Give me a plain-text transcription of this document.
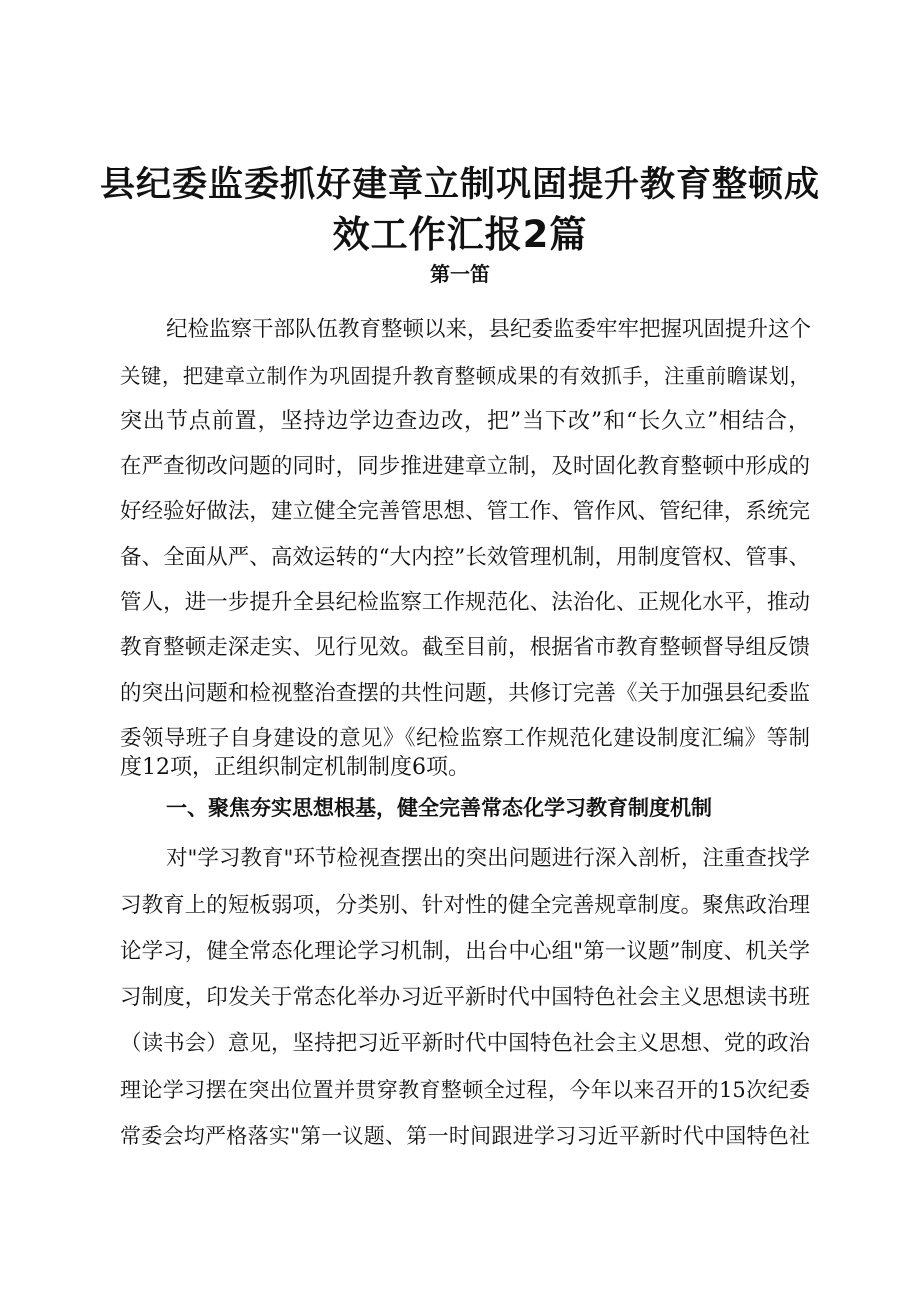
县纪委监委抓好建章立制巩固提升教育整顿成
效工作汇报2篇
第一笛

纪检监察干部队伍教育整顿以来，县纪委监委牢牢把握巩固提升这个

关键，把建章立制作为巩固提升教育整顿成果的有效抓手，注重前瞻谋划，

突出节点前置，坚持边学边查边改，把”当下改”和“长久立”相结合，

在严查彻改问题的同时，同步推进建章立制，及时固化教育整顿中形成的

好经验好做法，建立健全完善管思想、管工作、管作风、管纪律，系统完

备、全面从严、高效运转的“大内控”长效管理机制，用制度管权、管事、

管人，进一步提升全县纪检监察工作规范化、法治化、正规化水平，推动

教育整顿走深走实、见行见效。截至目前，根据省市教育整顿督导组反馈

的突出问题和检视整治查摆的共性问题，共修订完善《关于加强县纪委监

委领导班子自身建设的意见》《纪检监察工作规范化建设制度汇编》等制

度12项，正组织制定机制制度6项。

一、聚焦夯实思想根基，健全完善常态化学习教育制度机制

对"学习教育"环节检视查摆出的突出问题进行深入剖析，注重查找学

习教育上的短板弱项，分类别、针对性的健全完善规章制度。聚焦政治理

论学习，健全常态化理论学习机制，出台中心组"第一议题”制度、机关学

习制度，印发关于常态化举办习近平新时代中国特色社会主义思想读书班

（读书会）意见，坚持把习近平新时代中国特色社会主义思想、党的政治

理论学习摆在突出位置并贯穿教育整顿全过程，今年以来召开的15次纪委

常委会均严格落实"第一议题、第一时间跟进学习习近平新时代中国特色社
